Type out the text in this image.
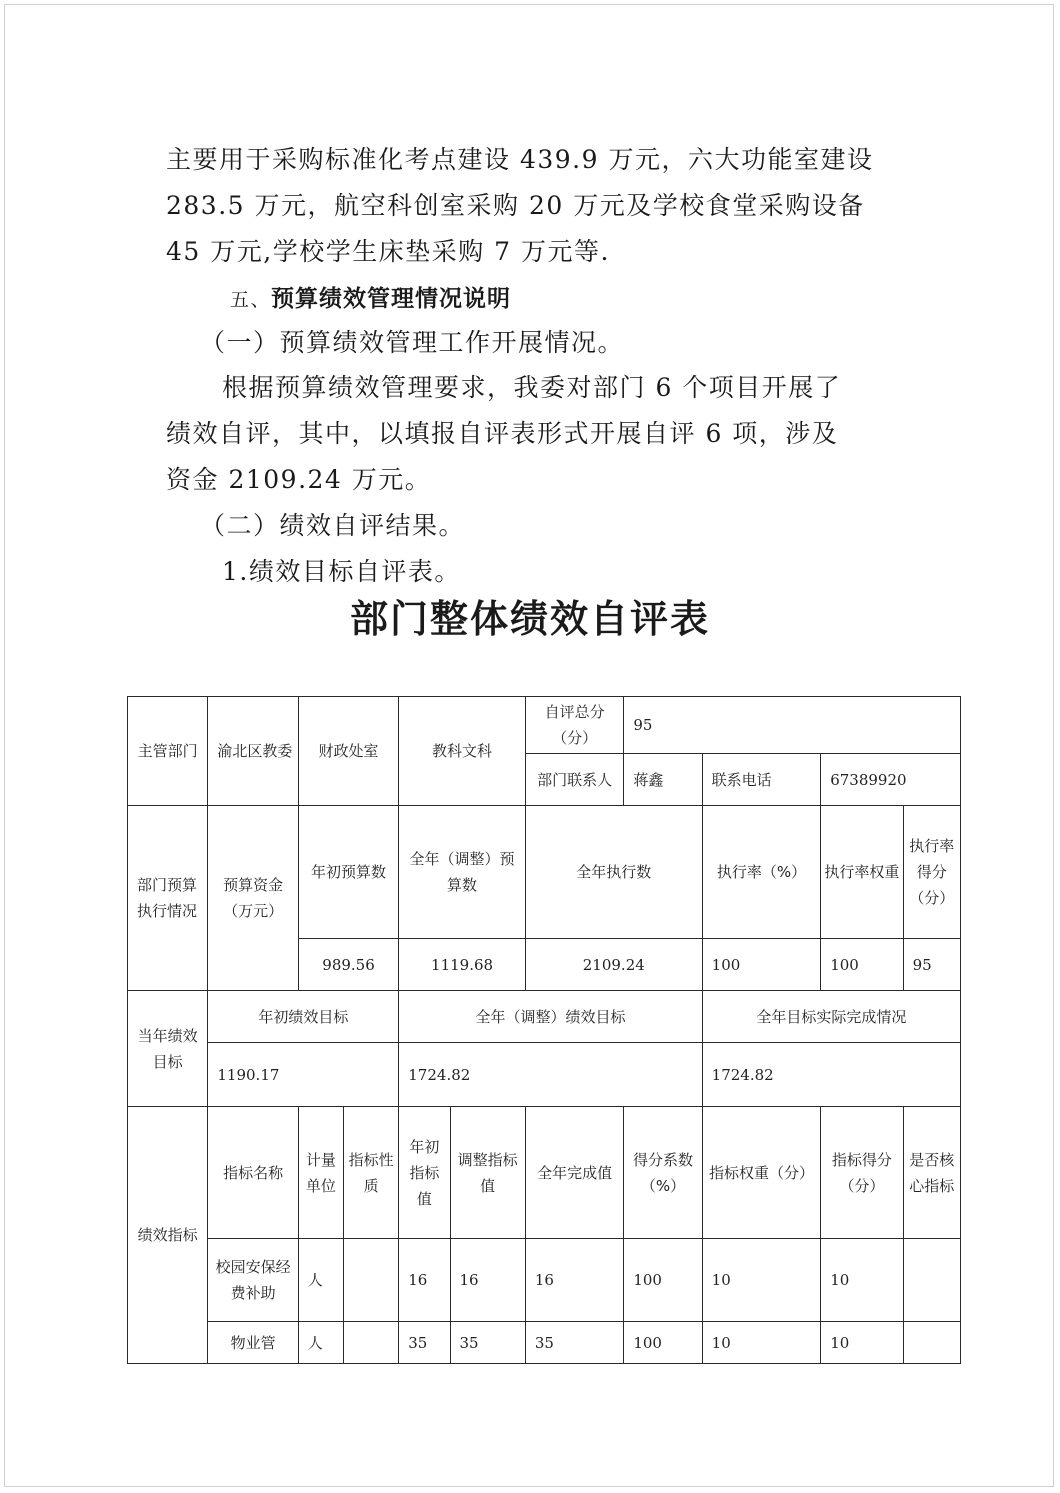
主要用于采购标准化考点建设 439.9 万元，六大功能室建设

283.5 万元，航空科创室采购 20 万元及学校食堂采购设备

45 万元,学校学生床垫采购 7 万元等.

五、预算绩效管理情况说明

（一）预算绩效管理工作开展情况。

根据预算绩效管理要求，我委对部门 6 个项目开展了

绩效自评，其中，以填报自评表形式开展自评 6 项，涉及

资金 2109.24 万元。

（二）绩效自评结果。

1.绩效目标自评表。

部门整体绩效自评表
主管部门	渝北区教委	财政处室		教科文科		自评总分（分）	95			
						部门联系人	蒋鑫	联系电话	67389920	
部门预算执行情况	预算资金（万元）	年初预算数		全年（调整）预算数		全年执行数		执行率（%）	执行率权重	执行率得分（分）
		989.56		1119.68		2109.24		100	100	95
当年绩效目标	年初绩效目标			全年（调整）绩效目标				全年目标实际完成情况		
	1190.17			1724.82				1724.82		
绩效指标	指标名称	计量单位	指标性质	年初指标值	调整指标值	全年完成值	得分系数（%）	指标权重（分）	指标得分（分）	是否核心指标
	校园安保经费补助	人		16	16	16	100	10	10	
	物业管	人		35	35	35	100	10	10	
